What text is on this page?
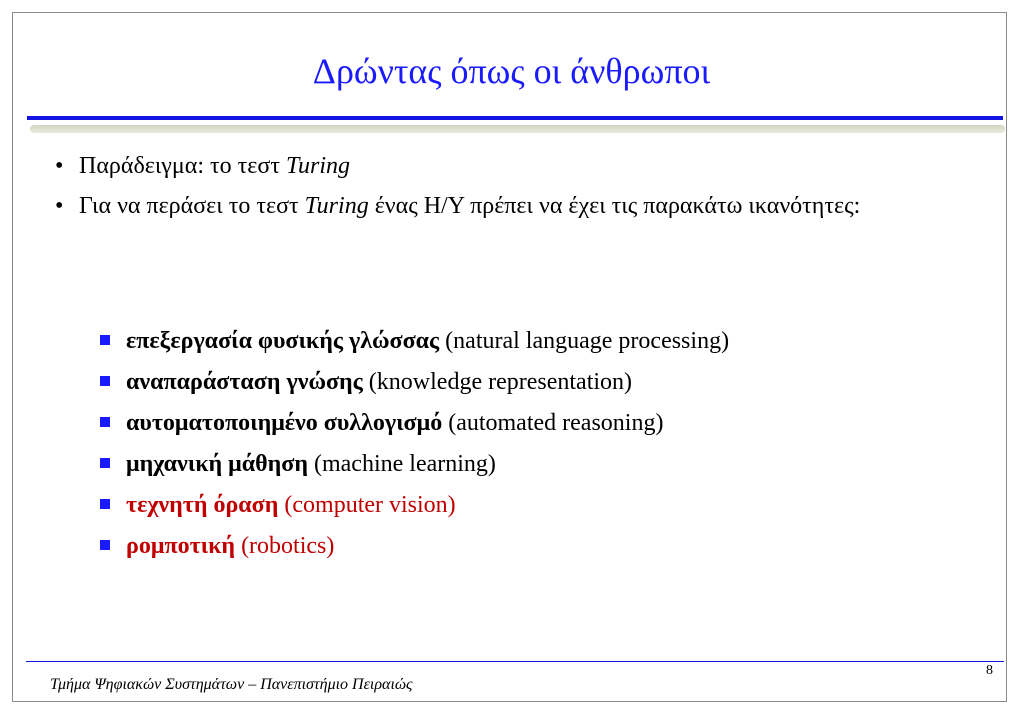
Δρώντας όπως οι άνθρωποι
• Παράδειγμα: το τεστ Turing
• Για να περάσει το τεστ Turing ένας Η/Υ πρέπει να έχει τις παρακάτω ικανότητες:
επεξεργασία φυσικής γλώσσας (natural language processing)
αναπαράσταση γνώσης (knowledge representation)
αυτοματοποιημένο συλλογισμό (automated reasoning)
μηχανική μάθηση (machine learning)
τεχνητή όραση (computer vision)
ρομποτική (robotics)
Τμήμα Ψηφιακών Συστημάτων – Πανεπιστήμιο Πειραιώς
8
